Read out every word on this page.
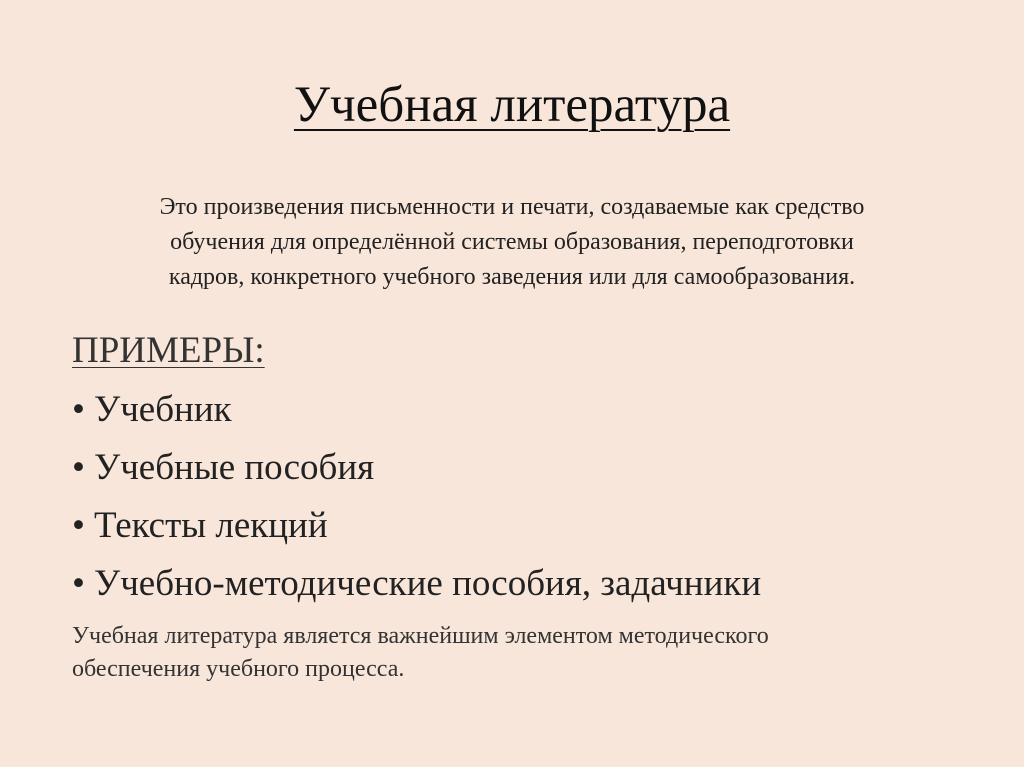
Учебная литература

Это произведения письменности и печати, создаваемые как средство
обучения для определённой системы образования, переподготовки
кадров, конкретного учебного заведения или для самообразования.

ПРИМЕРЫ:
• Учебник
• Учебные пособия
• Тексты лекций
• Учебно-методические пособия, задачники

Учебная литература является важнейшим элементом методического
обеспечения учебного процесса.
